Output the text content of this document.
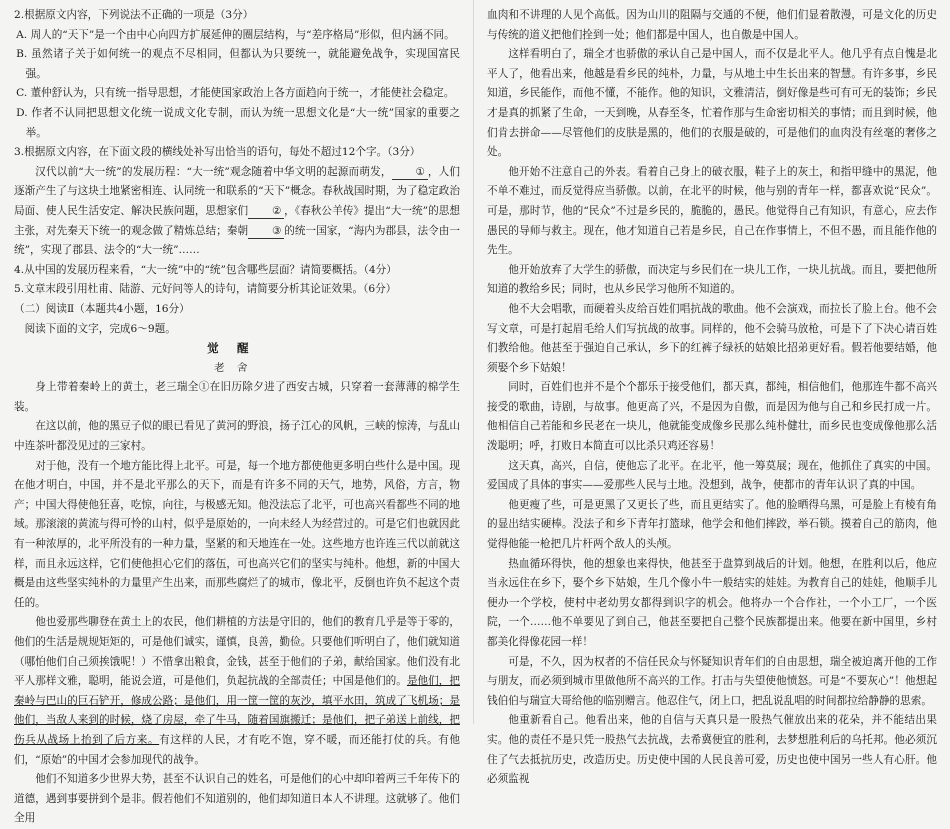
2.根据原文内容，下列说法不正确的一项是（3分）

A. 周人的“天下”是一个由中心向四方扩展延伸的圈层结构，与“差序格局”形似，但内涵不同。

B. 虽然诸子关于如何统一的观点不尽相同，但都认为只要统一，就能避免战争，实现国富民强。

C. 董仲舒认为，只有统一指导思想，才能使国家政治上各方面趋向于统一，才能使社会稳定。

D. 作者不认同把思想文化统一说成文化专制，而认为统一思想文化是“大一统”国家的重要之举。

3.根据原文内容，在下面文段的横线处补写出恰当的语句，每处不超过12个字。（3分）

汉代以前“大一统”的发展历程：“大一统”观念随着中华文明的起源而萌发， ① ，人们逐渐产生了与这块土地紧密相连、认同统一和联系的“天下”概念。春秋战国时期，为了稳定政治局面、使人民生活安定、解决民族问题，思想家们 ② ，《春秋公羊传》提出“大一统”的思想主张，对先秦天下统一的观念做了精炼总结；秦朝 ③ 的统一国家，“海内为郡县，法令由一统”，实现了郡县、法令的“大一统”……

4.从中国的发展历程来看，“大一统”中的“统”包含哪些层面？请简要概括。（4分）

5.文章末段引用杜甫、陆游、元好问等人的诗句，请简要分析其论证效果。（6分）

（二）阅读Ⅱ（本题共4小题，16分）

阅读下面的文字，完成6～9题。

觉醒

老舍

身上带着秦岭上的黄土，老三瑞全①在旧历除夕进了西安古城，只穿着一套薄薄的棉学生装。

在这以前，他的黑豆子似的眼已看见了黄河的野浪，扬子江心的风帆，三峡的惊涛，与乱山中连茶叶都没见过的三家村。

对于他，没有一个地方能比得上北平。可是，每一个地方都使他更多明白些什么是中国。现在他才明白，中国，并不是北平那么的天下，而是有许多不同的天气，地势，风俗，方言，物产；中国大得使他狂喜，吃惊，向往，与极感无知。他没法忘了北平，可也高兴看都些不同的地域。那滚滚的黄流与得可怜的山村，似乎是原始的，一向未经人为经营过的。可是它们也就因此有一种浓厚的，北平所没有的一种力量，坚紧的和天地连在一处。这些地方也许连三代以前就这样，而且永远这样，它们使他担心它们的落伍，可也高兴它们的坚实与纯朴。他想，新的中国大概是由这些坚实纯朴的力量里产生出来，而那些腐烂了的城市，像北平，反倒也许负不起这个责任的。

他也爱那些聊登在黄土上的农民，他们耕植的方法是守旧的，他们的教育几乎是等于零的，他们的生活是规规矩矩的，可是他们诚实，谨慎，良善，勤俭。只要他们听明白了，他们就知道（哪怕他们自己须挨饿呢！）不惜拿出粮食，金钱，甚至于他们的子弟，献给国家。他们没有北平人那样文雅，聪明，能说会道，可是他们，负起抗战的全部责任；中国是他们的。是他们，把秦岭与巴山的巨石铲开，修成公路；是他们，用一筐一筐的灰沙，填平水田，筑成了飞机场；是他们，当敌人来到的时候，烧了房屋，牵了牛马，随着国旗搬迁；是他们，把子弟送上前线，把伤兵从战场上抬到了后方来。有这样的人民，才有吃不饱，穿不暖，而还能打仗的兵。有他们，“原始”的中国才会参加现代的战争。

他们不知道多少世界大势，甚至不认识自己的姓名，可是他们的心中却印着两三千年传下的道德，遇到事要拼到个是非。假若他们不知道别的，他们却知道日本人不讲理。这就够了。他们全用

血肉和不讲理的人见个高低。因为山川的阻隔与交通的不便，他们们显着散漫，可是文化的历史与传统的道义把他们拴到一处；他们都是中国人，也自傲是中国人。

这样看明白了，瑞全才也骄傲的承认自己是中国人，而不仅是北平人。他几乎有点自愧是北平人了，他看出来，他越是看乡民的纯朴，力量，与从地土中生长出来的智慧。有许多事，乡民知道，乡民能作，而他不懂，不能作。他的知识，文雅清洁，倒好像是些可有可无的装饰；乡民才是真的抓紧了生命，一天到晚，从春至冬，忙着作那与生命密切相关的事情；而且到时候，他们肯去拼命——尽管他们的皮肤是黑的，他们的衣服是破的，可是他们的血肉没有丝毫的奢侈之处。

他开始不注意自己的外表。看着自己身上的破衣服，鞋子上的灰土，和指甲缝中的黑泥，他不单不难过，而反觉得应当骄傲。以前，在北平的时候，他与别的青年一样，都喜欢说“民众”。可是，那时节，他的“民众”不过是乡民的，脆脆的，愚民。他觉得自己有知识，有意心，应去作愚民的导师与救主。现在，他才知道自己若是乡民，自己在作事情上，不但不愚，而且能作他的先生。

他开始放弃了大学生的骄傲，而决定与乡民们在一块儿工作，一块儿抗战。而且，要把他所知道的教给乡民；同时，也从乡民学习他所不知道的。

他不大会唱歌，而硬着头皮给百姓们唱抗战的歌曲。他不会演戏，而拉长了脸上台。他不会写文章，可是打起眉毛给人们写抗战的故事。同样的，他不会骑马放枪，可是下了下决心请百姓们教给他。他甚至于强迫自己承认，乡下的红裤子绿袄的姑娘比招弟更好看。假若他要结婚，他须娶个乡下姑娘！

同时，百姓们也并不是个个都乐于接受他们，都天真，都纯，相信他们，他那连牛都不高兴接受的歌曲，诗剧，与故事。他更高了兴，不是因为自傲，而是因为他与自己和乡民打成一片。他相信自己若能和乡民老在一块儿，他就能变成像乡民那么纯朴健壮，而乡民也变成像他那么活泼聪明；呼，打败日本简直可以比杀只鸡还容易！

这天真，高兴，自信，使他忘了北平。在北平，他一筹莫展；现在，他抓住了真实的中国。爱国成了具体的事实——爱那些人民与土地。没想到，战争，使都市的青年认识了真的中国。

他更瘦了些，可是更黑了又更长了些，而且更结实了。他的脸晒得乌黑，可是脸上有棱有角的显出结实硬棒。没法子和乡下青年打篮球，他学会和他们摔跤，举石锁。摸着自己的筋肉，他觉得他能一枪把几片杆两个敌人的头颅。

热血循环得快，他的想象也来得快，他甚至于盘算到战后的计划。他想，在胜利以后，他应当永远住在乡下，娶个乡下姑娘，生几个像小牛一般结实的娃娃。为教育自己的娃娃，他顺手儿便办一个学校，使村中老幼男女都得到识字的机会。他将办一个合作社，一个小工厂，一个医院，一个……他不单要见了到自己，他甚至要把自己整个民族都提出来。他要在新中国里，乡村都美化得像花园一样！

可是，不久，因为权者的不信任民众与怀疑知识青年们的自由思想，瑞全被迫离开他的工作与朋友，而必须到城市里做他所不高兴的工作。打击与失望使他愤怒。可是“不要灰心”！他想起钱伯伯与瑞宣大哥给他的临别赠言。他忍住气，闭上口，把乱说乱唱的时间都拉给静静的思索。

他重新看自己。他看出来，他的自信与天真只是一股热气催放出来的花朵，并不能结出果实。他的责任不是只凭一股热气去抗战，去希冀便宜的胜利，去梦想胜利后的乌托邦。他必须沉住了气去抵抗历史，改造历史。历史使中国的人民良善可爱，历史也使中国另一些人有心肝。他必须监视
